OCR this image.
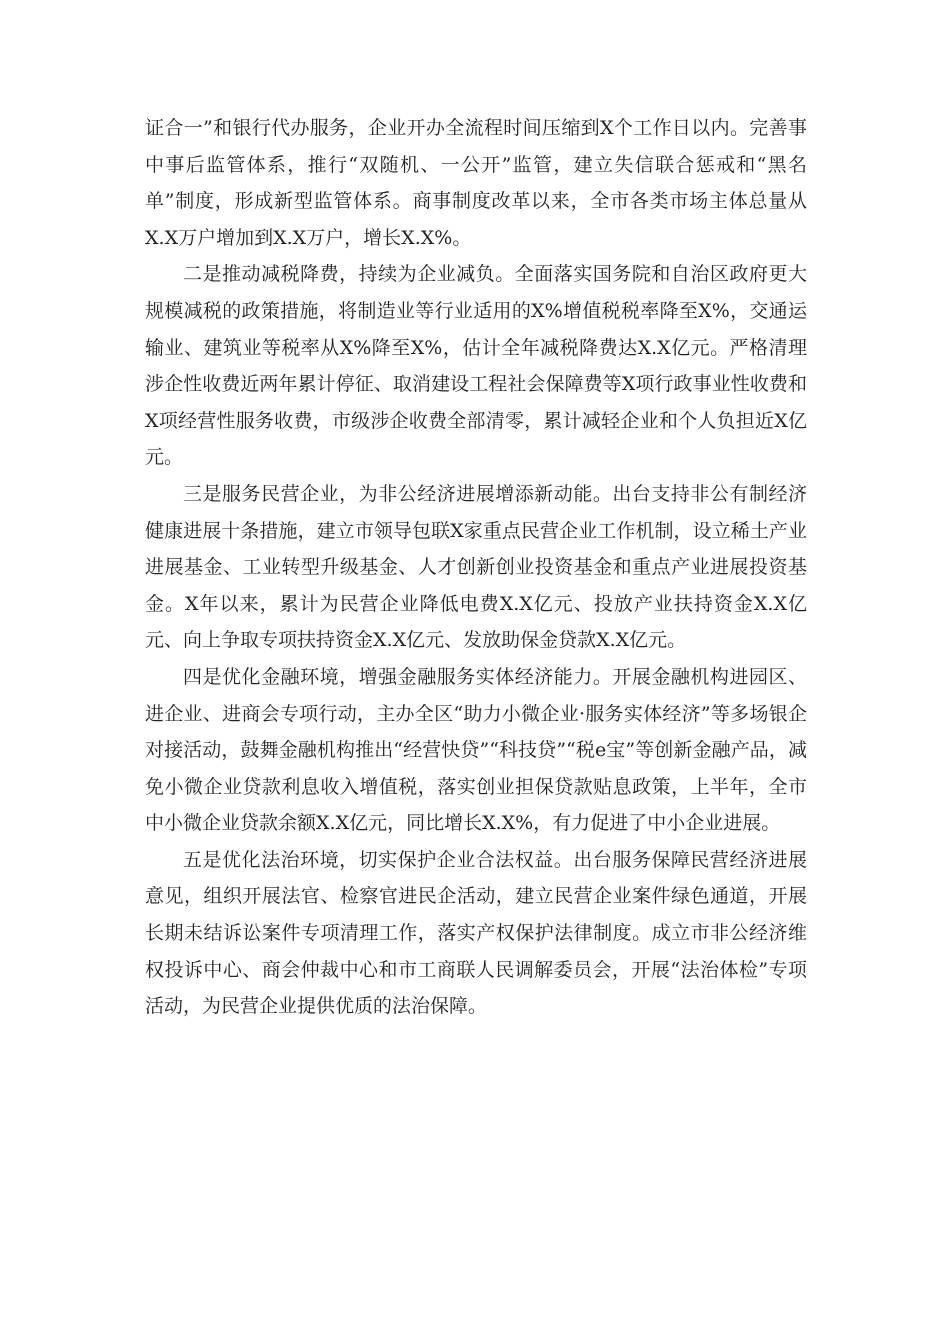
证合一”和银行代办服务，企业开办全流程时间压缩到X个工作日以内。完善事中事后监管体系，推行“双随机、一公开”监管，建立失信联合惩戒和“黑名单”制度，形成新型监管体系。商事制度改革以来，全市各类市场主体总量从X.X万户增加到X.X万户，增长X.X%。

二是推动减税降费，持续为企业减负。全面落实国务院和自治区政府更大规模减税的政策措施，将制造业等行业适用的X%增值税税率降至X%，交通运输业、建筑业等税率从X%降至X%，估计全年减税降费达X.X亿元。严格清理涉企性收费近两年累计停征、取消建设工程社会保障费等X项行政事业性收费和X项经营性服务收费，市级涉企收费全部清零，累计减轻企业和个人负担近X亿元。

三是服务民营企业，为非公经济进展增添新动能。出台支持非公有制经济健康进展十条措施，建立市领导包联X家重点民营企业工作机制，设立稀土产业进展基金、工业转型升级基金、人才创新创业投资基金和重点产业进展投资基金。X年以来，累计为民营企业降低电费X.X亿元、投放产业扶持资金X.X亿元、向上争取专项扶持资金X.X亿元、发放助保金贷款X.X亿元。

四是优化金融环境，增强金融服务实体经济能力。开展金融机构进园区、进企业、进商会专项行动，主办全区“助力小微企业·服务实体经济”等多场银企对接活动，鼓舞金融机构推出“经营快贷”“科技贷”“税e宝”等创新金融产品，减免小微企业贷款利息收入增值税，落实创业担保贷款贴息政策，上半年，全市中小微企业贷款余额X.X亿元，同比增长X.X%，有力促进了中小企业进展。

五是优化法治环境，切实保护企业合法权益。出台服务保障民营经济进展意见，组织开展法官、检察官进民企活动，建立民营企业案件绿色通道，开展长期未结诉讼案件专项清理工作，落实产权保护法律制度。成立市非公经济维权投诉中心、商会仲裁中心和市工商联人民调解委员会，开展“法治体检”专项活动，为民营企业提供优质的法治保障。
